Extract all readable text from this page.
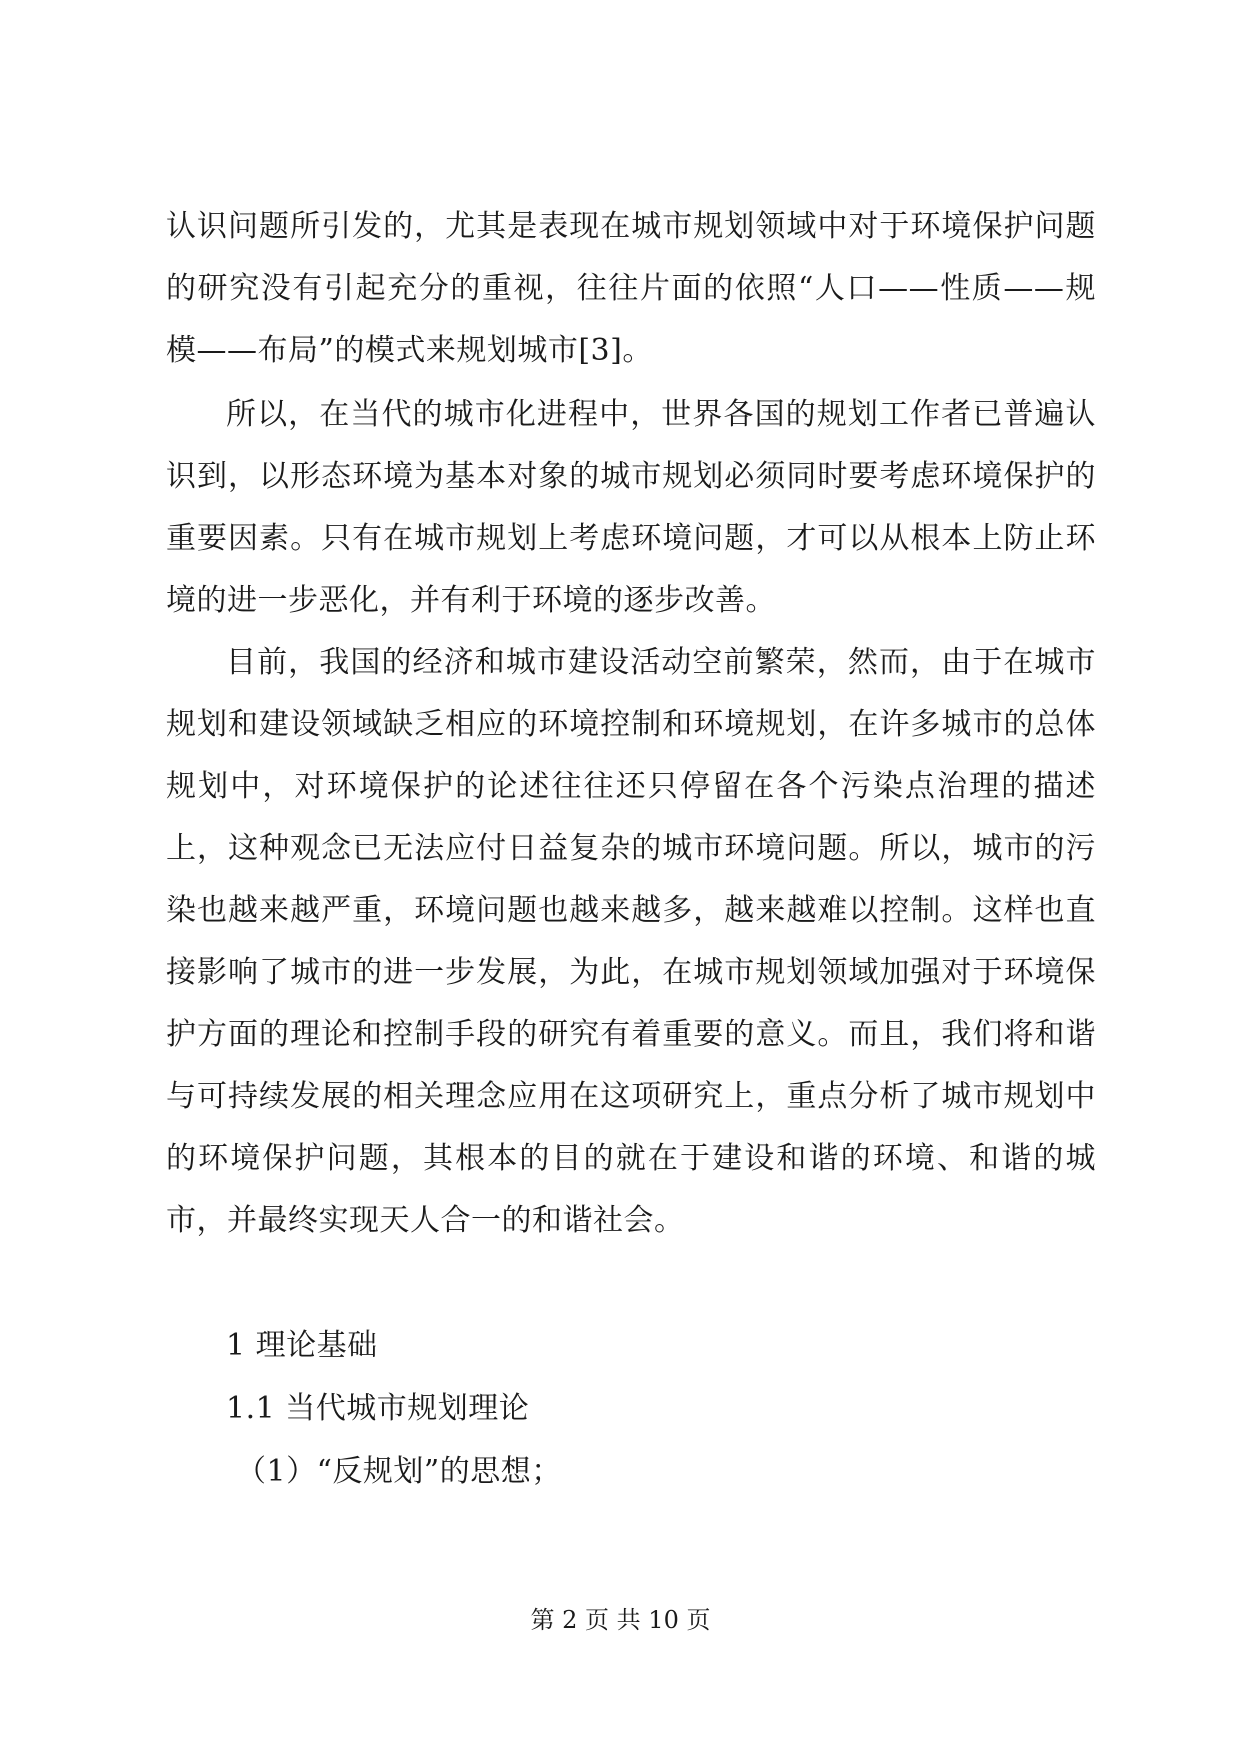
认识问题所引发的，尤其是表现在城市规划领域中对于环境保护问题的研究没有引起充分的重视，往往片面的依照“人口——性质——规模——布局”的模式来规划城市[3]。

所以，在当代的城市化进程中，世界各国的规划工作者已普遍认识到，以形态环境为基本对象的城市规划必须同时要考虑环境保护的重要因素。只有在城市规划上考虑环境问题，才可以从根本上防止环境的进一步恶化，并有利于环境的逐步改善。

目前，我国的经济和城市建设活动空前繁荣，然而，由于在城市规划和建设领域缺乏相应的环境控制和环境规划，在许多城市的总体规划中，对环境保护的论述往往还只停留在各个污染点治理的描述上，这种观念已无法应付日益复杂的城市环境问题。所以，城市的污染也越来越严重，环境问题也越来越多，越来越难以控制。这样也直接影响了城市的进一步发展，为此，在城市规划领域加强对于环境保护方面的理论和控制手段的研究有着重要的意义。而且，我们将和谐与可持续发展的相关理念应用在这项研究上，重点分析了城市规划中的环境保护问题，其根本的目的就在于建设和谐的环境、和谐的城市，并最终实现天人合一的和谐社会。

1 理论基础

1.1 当代城市规划理论

（1）“反规划”的思想；

第 2 页 共 10 页
